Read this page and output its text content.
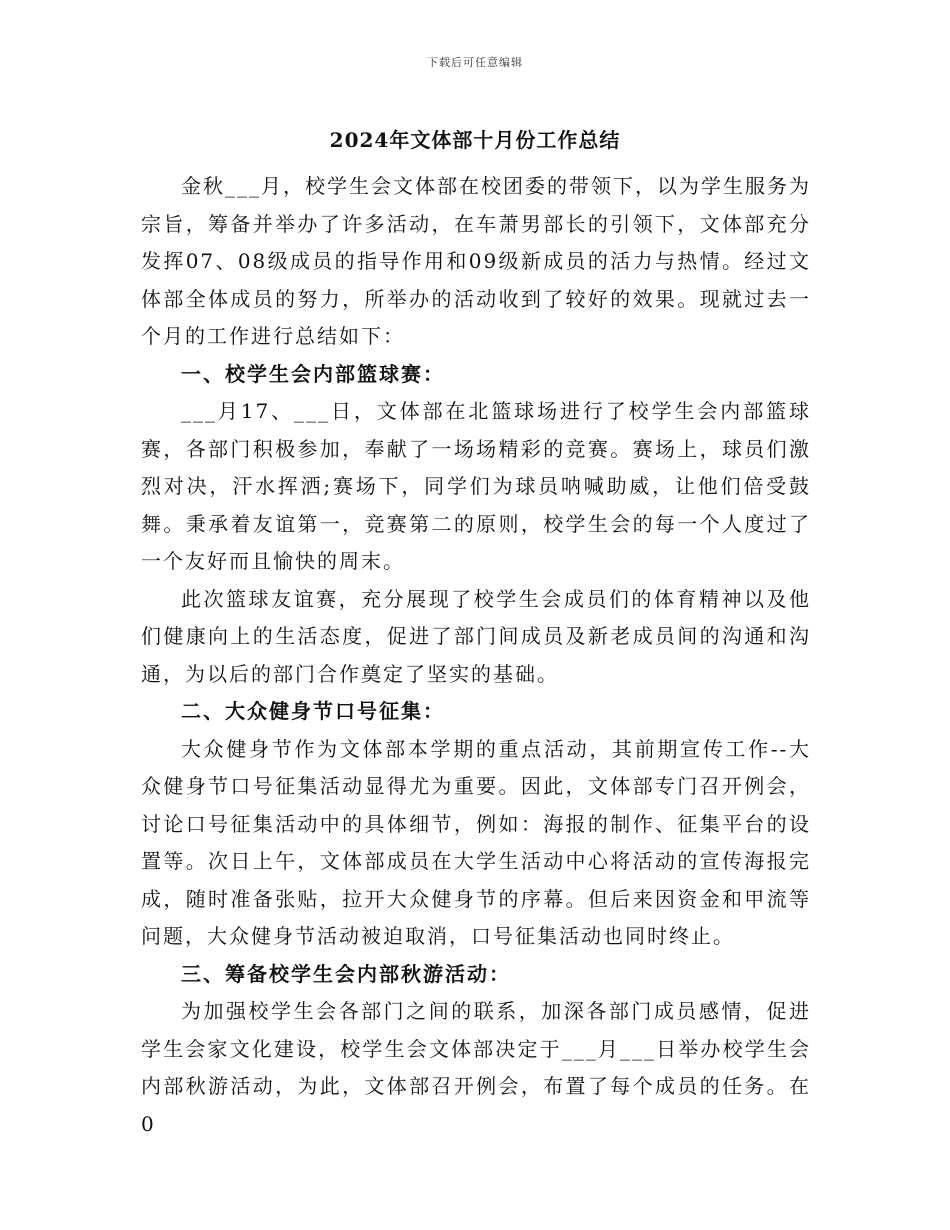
下载后可任意编辑
2024年文体部十月份工作总结

金秋___月，校学生会文体部在校团委的带领下，以为学生服务为宗旨，筹备并举办了许多活动，在车萧男部长的引领下，文体部充分发挥07、08级成员的指导作用和09级新成员的活力与热情。经过文体部全体成员的努力，所举办的活动收到了较好的效果。现就过去一个月的工作进行总结如下：

一、校学生会内部篮球赛：

___月17、___日，文体部在北篮球场进行了校学生会内部篮球赛，各部门积极参加，奉献了一场场精彩的竞赛。赛场上，球员们激烈对决，汗水挥洒;赛场下，同学们为球员呐喊助威，让他们倍受鼓舞。秉承着友谊第一，竞赛第二的原则，校学生会的每一个人度过了一个友好而且愉快的周末。

此次篮球友谊赛，充分展现了校学生会成员们的体育精神以及他们健康向上的生活态度，促进了部门间成员及新老成员间的沟通和沟通，为以后的部门合作奠定了坚实的基础。

二、大众健身节口号征集：

大众健身节作为文体部本学期的重点活动，其前期宣传工作--大众健身节口号征集活动显得尤为重要。因此，文体部专门召开例会，讨论口号征集活动中的具体细节，例如：海报的制作、征集平台的设置等。次日上午，文体部成员在大学生活动中心将活动的宣传海报完成，随时准备张贴，拉开大众健身节的序幕。但后来因资金和甲流等问题，大众健身节活动被迫取消，口号征集活动也同时终止。

三、筹备校学生会内部秋游活动：

为加强校学生会各部门之间的联系，加深各部门成员感情，促进学生会家文化建设，校学生会文体部决定于___月___日举办校学生会内部秋游活动，为此，文体部召开例会，布置了每个成员的任务。在0
